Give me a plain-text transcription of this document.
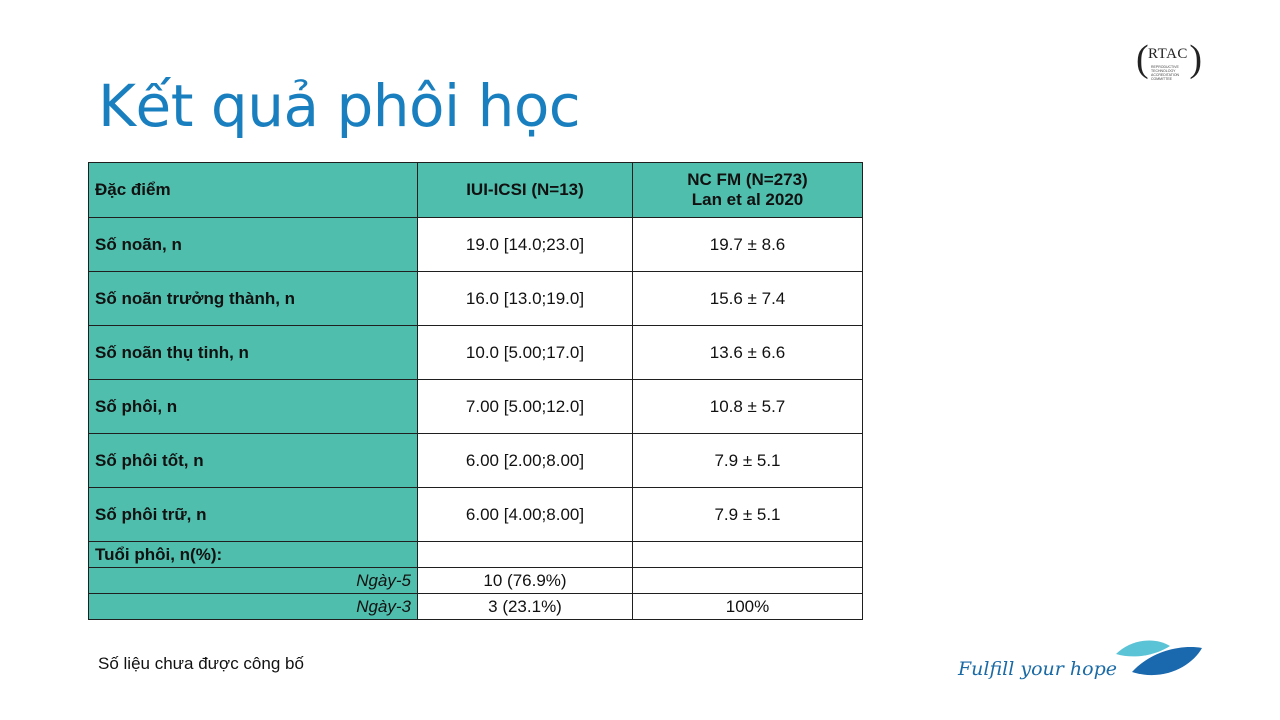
Kết quả phôi học
( RTAC
REPRODUCTIVE TECHNOLOGY ACCREDITATION COMMITTEE )
Đặc điểm	IUI-ICSI (N=13)	NC FM (N=273)
Lan et al 2020

Số noãn, n	19.0 [14.0;23.0]	19.7 ± 8.6
Số noãn trưởng thành, n	16.0 [13.0;19.0]	15.6 ± 7.4
Số noãn thụ tinh, n	10.0 [5.00;17.0]	13.6 ± 6.6
Số phôi, n	7.00 [5.00;12.0]	10.8 ± 5.7
Số phôi tốt, n	6.00 [2.00;8.00]	7.9 ± 5.1
Số phôi trữ, n	6.00 [4.00;8.00]	7.9 ± 5.1
Tuổi phôi, n(%):		
Ngày-5	10 (76.9%)	
Ngày-3	3 (23.1%)	100%
Số liệu chưa được công bố	Fulfill your hope
